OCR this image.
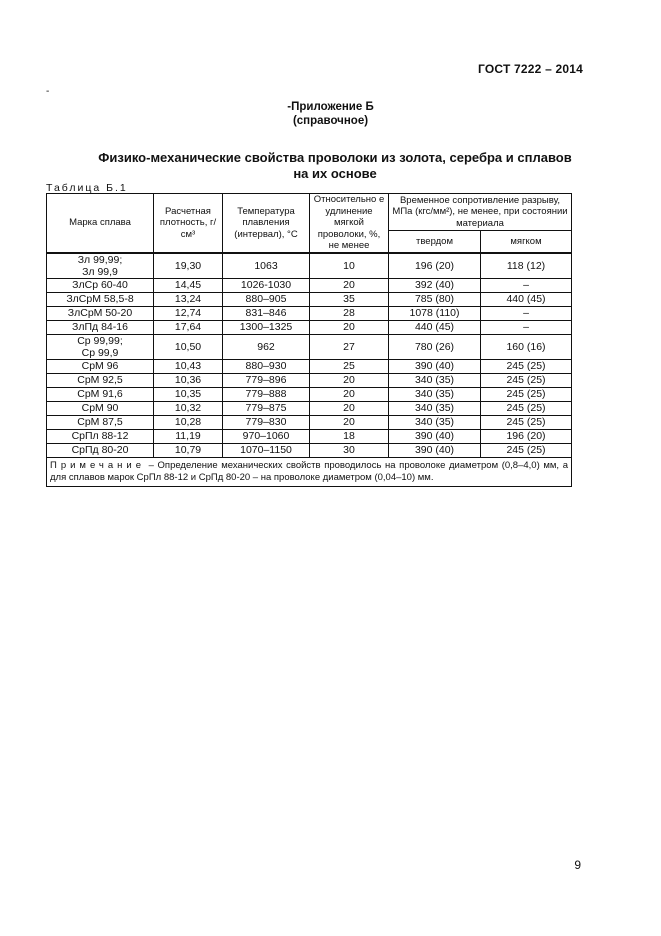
ГОСТ 7222 – 2014
-
-Приложение Б
(справочное)
Физико-механические свойства проволоки из золота, серебра и сплавов
на их основе
Таблица Б.1
Марка сплава	Расчетная плотность, г/см³	Температура плавления (интервал), °С	Относительно е удлинение мягкой проволоки, %, не менее	Временное сопротивление разрыву, МПа (кгс/мм²), не менее, при состоянии материала	
				твердом	мягком
Зл 99,99;
Зл 99,9	19,30	1063	10	196 (20)	118 (12)
ЗлСр 60-40	14,45	1026-1030	20	392 (40)	–
ЗлСрМ 58,5-8	13,24	880–905	35	785 (80)	440 (45)
ЗлСрМ 50-20	12,74	831–846	28	1078 (110)	–
ЗлПд 84-16	17,64	1300–1325	20	440 (45)	–
Ср 99,99;
Ср 99,9	10,50	962	27	780 (26)	160 (16)
СрМ 96	10,43	880–930	25	390 (40)	245 (25)
СрМ 92,5	10,36	779–896	20	340 (35)	245 (25)
СрМ 91,6	10,35	779–888	20	340 (35)	245 (25)
СрМ 90	10,32	779–875	20	340 (35)	245 (25)
СрМ 87,5	10,28	779–830	20	340 (35)	245 (25)
СрПл 88-12	11,19	970–1060	18	390 (40)	196 (20)
СрПд 80-20	10,79	1070–1150	30	390 (40)	245 (25)
Примечание – Определение механических свойств проводилось на проволоке диаметром (0,8–4,0) мм, а для сплавов марок СрПл 88-12 и СрПд 80-20 – на проволоке диаметром (0,04–10) мм.					
9
